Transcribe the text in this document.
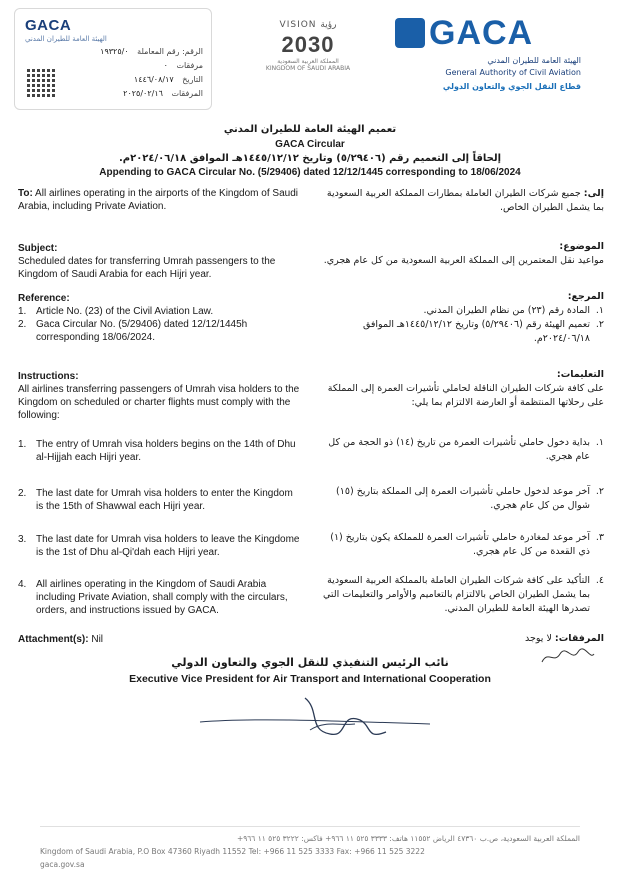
GACA
الهيئة العامة للطيران المدني
الرقم: رقم المعاملة ١٩٣٢٥/٠
مرفقات ٠
التاريخ ١٤٤٦/٠٨/١٧
المرفقات ٢٠٢٥/٠٢/١٦
VISION رؤية
2030
المملكة العربية السعودية
KINGDOM OF SAUDI ARABIA
GACA
الهيئة العامة للطيران المدني
General Authority of Civil Aviation
قطاع النقل الجوي والتعاون الدولي
تعميم الهيئة العامة للطيران المدني
GACA Circular
إلحاقاً إلى التعميم رقم (٥/٢٩٤٠٦) وتاريخ ١٤٤٥/١٢/١٢هـ الموافق ٢٠٢٤/٠٦/١٨م.
Appending to GACA Circular No. (5/29406) dated 12/12/1445 corresponding to 18/06/2024
To: All airlines operating in the airports of the Kingdom of Saudi Arabia, including Private Aviation.
Subject:
Scheduled dates for transferring Umrah passengers to the Kingdom of Saudi Arabia for each Hijri year.
Reference:
1. Article No. (23) of the Civil Aviation Law.
2. Gaca Circular No. (5/29406) dated 12/12/1445h corresponding 18/06/2024.
Instructions:
All airlines transferring passengers of Umrah visa holders to the Kingdom on scheduled or charter flights must comply with the following:
1. The entry of Umrah visa holders begins on the 14th of Dhu al-Hijjah each Hijri year.
2. The last date for Umrah visa holders to enter the Kingdom is the 15th of Shawwal each Hijri year.
3. The last date for Umrah visa holders to leave the Kingdome is the 1st of Dhu al-Qi'dah each Hijri year.
4. All airlines operating in the Kingdom of Saudi Arabia including Private Aviation, shall comply with the circulars, orders, and instructions issued by GACA.
Attachment(s): Nil
إلى: جميع شركات الطيران العاملة بمطارات المملكة العربية السعودية بما يشمل الطيران الخاص.
الموضوع:
مواعيد نقل المعتمرين إلى المملكة العربية السعودية من كل عام هجري.
المرجع:
١.
المادة رقم (٢٣) من نظام الطيران المدني.
٢.
تعميم الهيئة رقم (٥/٢٩٤٠٦) وتاريخ ١٤٤٥/١٢/١٢هـ الموافق ٢٠٢٤/٠٦/١٨م.
التعليمات:
على كافة شركات الطيران الناقلة لحاملي تأشيرات العمرة إلى المملكة على رحلاتها المنتظمة أو العارضة الالتزام بما يلي:
١.
بداية دخول حاملي تأشيرات العمرة من تاريخ (١٤) ذو الحجة من كل عام هجري.
٢.
آخر موعد لدخول حاملي تأشيرات العمرة إلى المملكة بتاريخ (١٥) شوال من كل عام هجري.
٣.
آخر موعد لمغادرة حاملي تأشيرات العمرة للمملكة يكون بتاريخ (١) ذي القعدة من كل عام هجري.
٤.
التأكيد على كافة شركات الطيران العاملة بالمملكة العربية السعودية بما يشمل الطيران الخاص بالالتزام بالتعاميم والأوامر والتعليمات التي تصدرها الهيئة العامة للطيران المدني.
المرفقات: لا يوجد
نائب الرئيس التنفيذي للنقل الجوي والتعاون الدولي
Executive Vice President for Air Transport and International Cooperation
المملكة العربية السعودية، ص.ب ٤٧٣٦٠ الرياض ١١٥٥٢ هاتف: ٣٣٣٣ ٥٢٥ ١١ ٩٦٦+ فاكس: ٣٢٢٢ ٥٢٥ ١١ ٩٦٦+
Kingdom of Saudi Arabia, P.O Box 47360 Riyadh 11552 Tel: +966 11 525 3333 Fax: +966 11 525 3222
gaca.gov.sa
